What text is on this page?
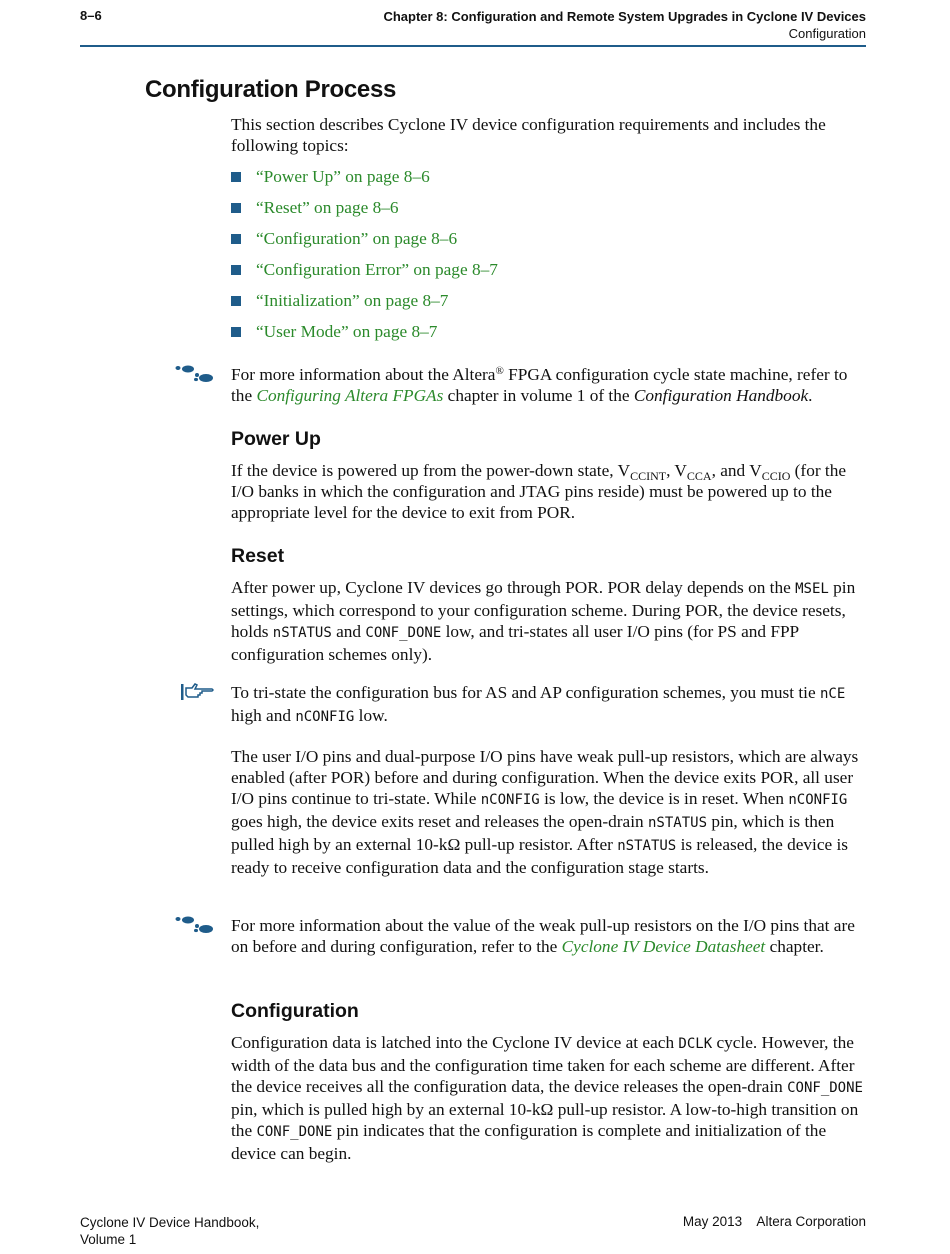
8–6	Chapter 8: Configuration and Remote System Upgrades in Cyclone IV Devices
Configuration
Configuration Process

This section describes Cyclone IV device configuration requirements and includes the following topics:

“Power Up” on page 8–6
“Reset” on page 8–6
“Configuration” on page 8–6
“Configuration Error” on page 8–7
“Initialization” on page 8–7
“User Mode” on page 8–7

For more information about the Altera® FPGA configuration cycle state machine, refer to the Configuring Altera FPGAs chapter in volume 1 of the Configuration Handbook.

Power Up

If the device is powered up from the power-down state, $V_{CCINT}$, $V_{CCA}$, and $V_{CCIO}$ (for the I/O banks in which the configuration and JTAG pins reside) must be powered up to the appropriate level for the device to exit from POR.

Reset

After power up, Cyclone IV devices go through POR. POR delay depends on the MSEL pin settings, which correspond to your configuration scheme. During POR, the device resets, holds nSTATUS and CONF_DONE low, and tri-states all user I/O pins (for PS and FPP configuration schemes only).

To tri-state the configuration bus for AS and AP configuration schemes, you must tie nCE high and nCONFIG low.

The user I/O pins and dual-purpose I/O pins have weak pull-up resistors, which are always enabled (after POR) before and during configuration. When the device exits POR, all user I/O pins continue to tri-state. While nCONFIG is low, the device is in reset. When nCONFIG goes high, the device exits reset and releases the open-drain nSTATUS pin, which is then pulled high by an external 10-kΩ pull-up resistor. After nSTATUS is released, the device is ready to receive configuration data and the configuration stage starts.

For more information about the value of the weak pull-up resistors on the I/O pins that are on before and during configuration, refer to the Cyclone IV Device Datasheet chapter.

Configuration

Configuration data is latched into the Cyclone IV device at each DCLK cycle. However, the width of the data bus and the configuration time taken for each scheme are different. After the device receives all the configuration data, the device releases the open-drain CONF_DONE pin, which is pulled high by an external 10-kΩ pull-up resistor. A low-to-high transition on the CONF_DONE pin indicates that the configuration is complete and initialization of the device can begin.

Cyclone IV Device Handbook,
Volume 1
May 2013    Altera Corporation
